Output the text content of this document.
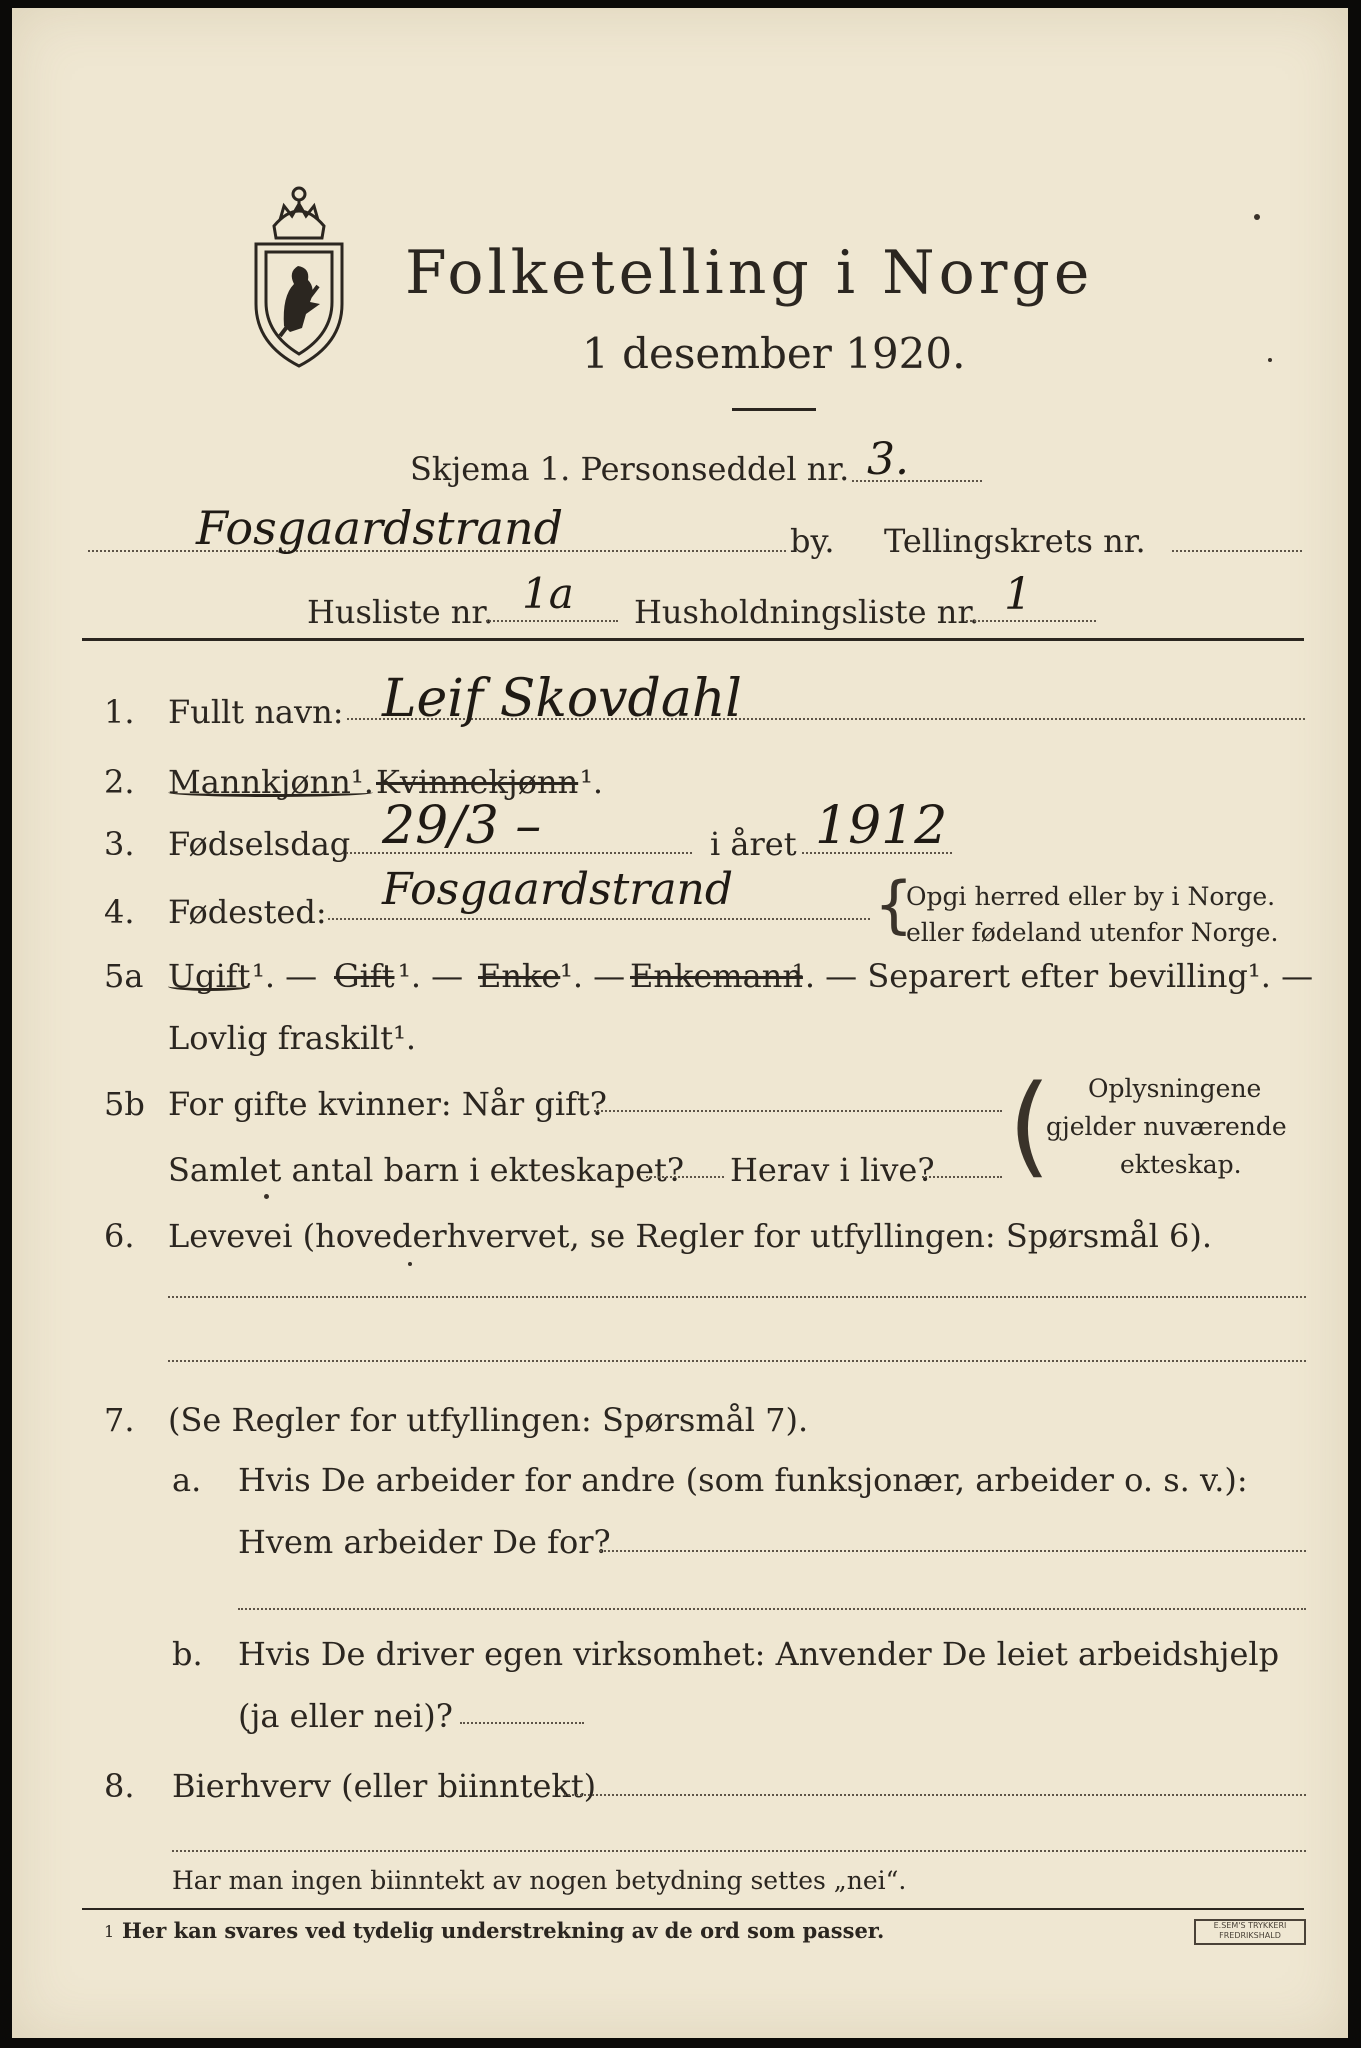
Folketelling i Norge
1 desember 1920.
Skjema 1. Personseddel nr. 3.
Fosgaardstrand	by. Tellingskrets nr.
Husliste nr. 1a Husholdningsliste nr. 1
1. Fullt navn: Leif Skovdahl
2. Mannkjønn¹. Kvinnekjønn ¹.
3. Fødselsdag 29/3 –	i året 1912
4. Fødested: Fosgaardstrand {
Opgi herred eller by i Norge.
eller fødeland utenfor Norge.
5a Ugift ¹. — Gift ¹. — Enke ¹. — Enkemann
¹. — Separert efter bevilling¹. —
Lovlig fraskilt¹.
5b For gifte kvinner: Når gift?
Samlet antal barn i ekteskapet? Herav i live? ( Oplysningene
gjelder nuværende
ekteskap.
6. Levevei (hovederhvervet, se Regler for utfyllingen: Spørsmål 6).
7. (Se Regler for utfyllingen: Spørsmål 7).
a. Hvis De arbeider for andre (som funksjonær, arbeider o. s. v.):
Hvem arbeider De for?
b. Hvis De driver egen virksomhet: Anvender De leiet arbeidshjelp
(ja eller nei)?
8. Bierhverv (eller biinntekt)
Har man ingen biinntekt av nogen betydning settes „nei“.
1 Her kan svares ved tydelig understrekning av de ord som passer.	E.SEM'S TRYKKERI FREDRIKSHALD
